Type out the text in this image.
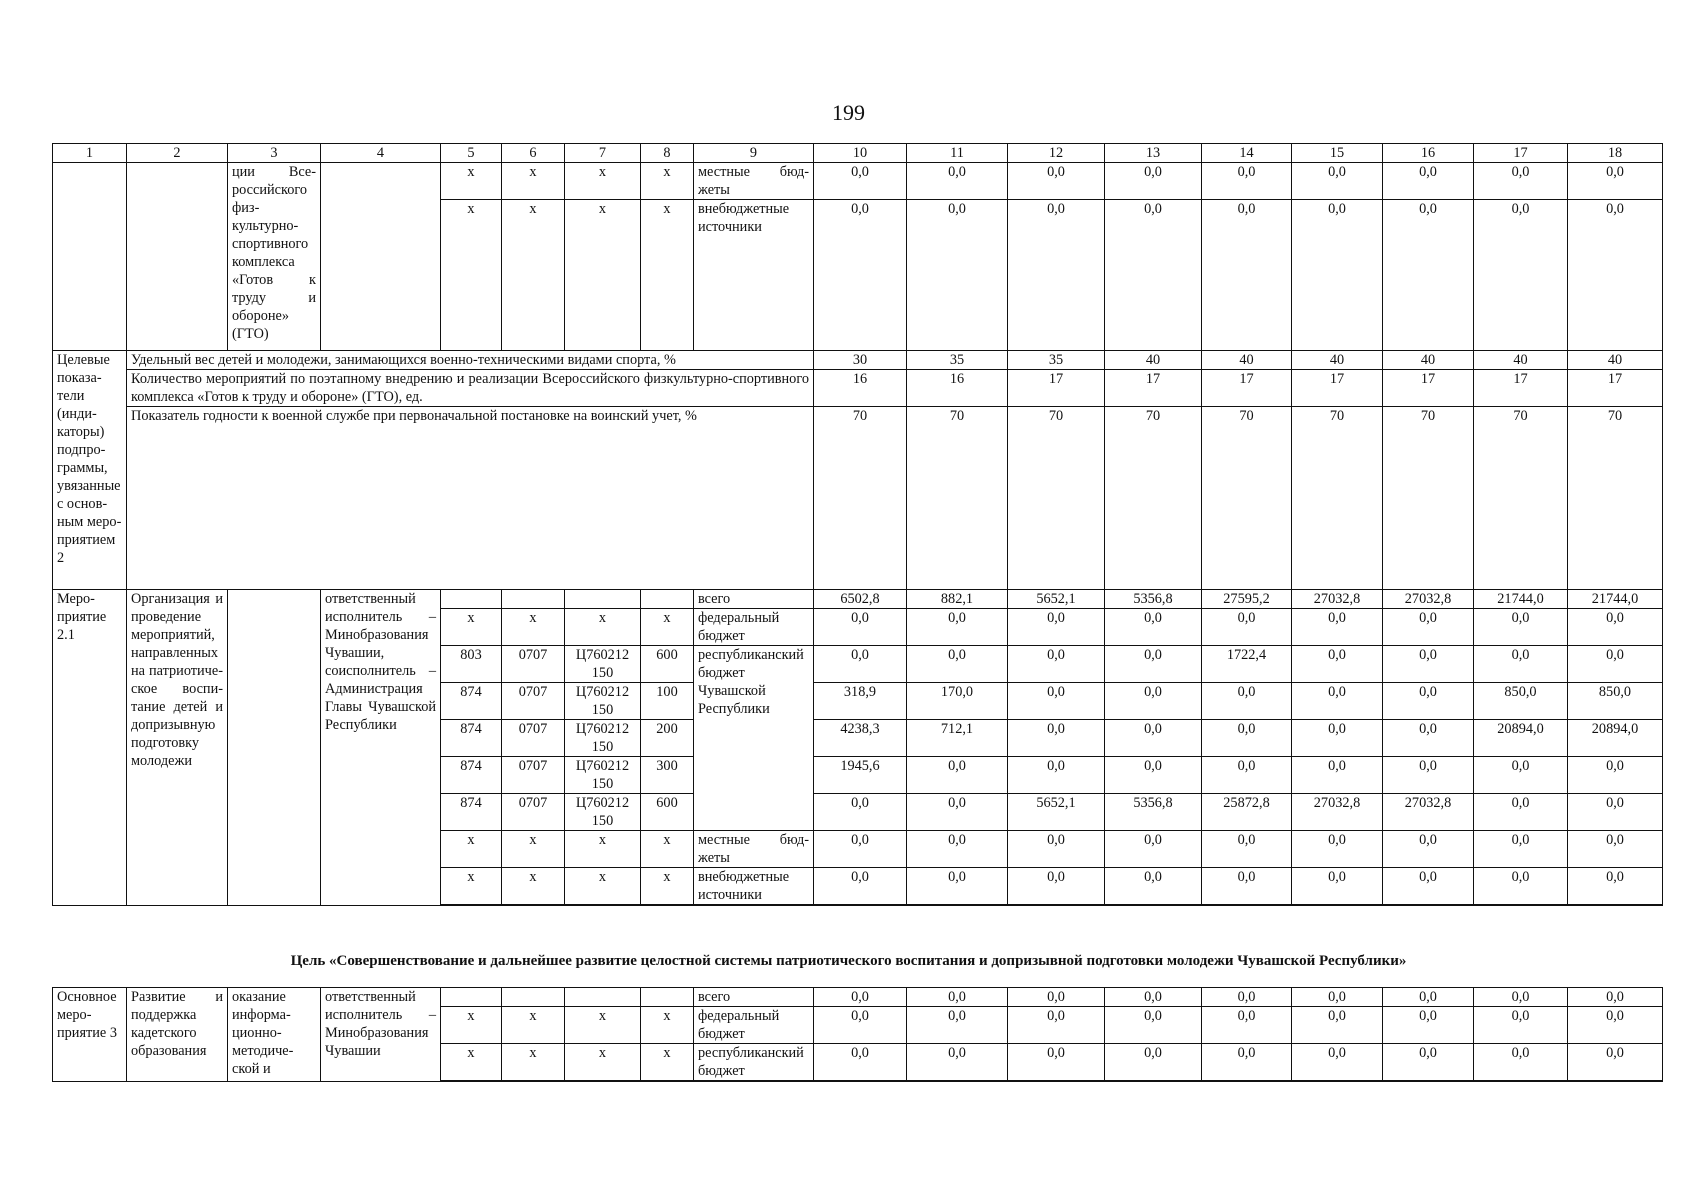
199
1	2	3	4	5	6	7	8	9	10	11	12	13	14	15	16	17	18
		ции Всероссийского физкультурно-спортивного комплекса «Готов к труду и обороне» (ГТО)		x	x	x	x	местные бюджеты	0,0	0,0	0,0	0,0	0,0	0,0	0,0	0,0	0,0
				x	x	x	x	внебюджетные источники	0,0	0,0	0,0	0,0	0,0	0,0	0,0	0,0	0,0
Целевые показатели (индикаторы) подпрограммы, увязанные с основным мероприятием 2	Удельный вес детей и молодежи, занимающихся военно-техническими видами спорта, %								30	35	35	40	40	40	40	40	40
	Количество мероприятий по поэтапному внедрению и реализации Всероссийского физкультурно-спортивного комплекса «Готов к труду и обороне» (ГТО), ед.								16	16	17	17	17	17	17	17	17
	Показатель годности к военной службе при первоначальной постановке на воинский учет, %								70	70	70	70	70	70	70	70	70
Мероприятие 2.1	Организация и проведение мероприятий, направленных на патриотическое воспитание детей и допризывную подготовку молодежи		ответственный исполнитель – Минобразования Чувашии, соисполнитель – Администрация Главы Чувашской Республики					всего	6502,8	882,1	5652,1	5356,8	27595,2	27032,8	27032,8	21744,0	21744,0
				x	x	x	x	федеральный бюджет	0,0	0,0	0,0	0,0	0,0	0,0	0,0	0,0	0,0
				803	0707	Ц760212 150	600	республиканский бюджет Чувашской Республики	0,0	0,0	0,0	0,0	1722,4	0,0	0,0	0,0	0,0
				874	0707	Ц760212 150	100		318,9	170,0	0,0	0,0	0,0	0,0	0,0	850,0	850,0
				874	0707	Ц760212 150	200		4238,3	712,1	0,0	0,0	0,0	0,0	0,0	20894,0	20894,0
				874	0707	Ц760212 150	300		1945,6	0,0	0,0	0,0	0,0	0,0	0,0	0,0	0,0
				874	0707	Ц760212 150	600		0,0	0,0	5652,1	5356,8	25872,8	27032,8	27032,8	0,0	0,0
				x	x	x	x	местные бюджеты	0,0	0,0	0,0	0,0	0,0	0,0	0,0	0,0	0,0
				x	x	x	x	внебюджетные источники	0,0	0,0	0,0	0,0	0,0	0,0	0,0	0,0	0,0
Цель «Совершенствование и дальнейшее развитие целостной системы патриотического воспитания и допризывной подготовки молодежи Чувашской Республики»
Основное мероприятие 3	Развитие и поддержка кадетского образования	оказание информационно-методической и	ответственный исполнитель – Минобразования Чувашии					всего	0,0	0,0	0,0	0,0	0,0	0,0	0,0	0,0	0,0
				x	x	x	x	федеральный бюджет	0,0	0,0	0,0	0,0	0,0	0,0	0,0	0,0	0,0
				x	x	x	x	республиканский бюджет	0,0	0,0	0,0	0,0	0,0	0,0	0,0	0,0	0,0
